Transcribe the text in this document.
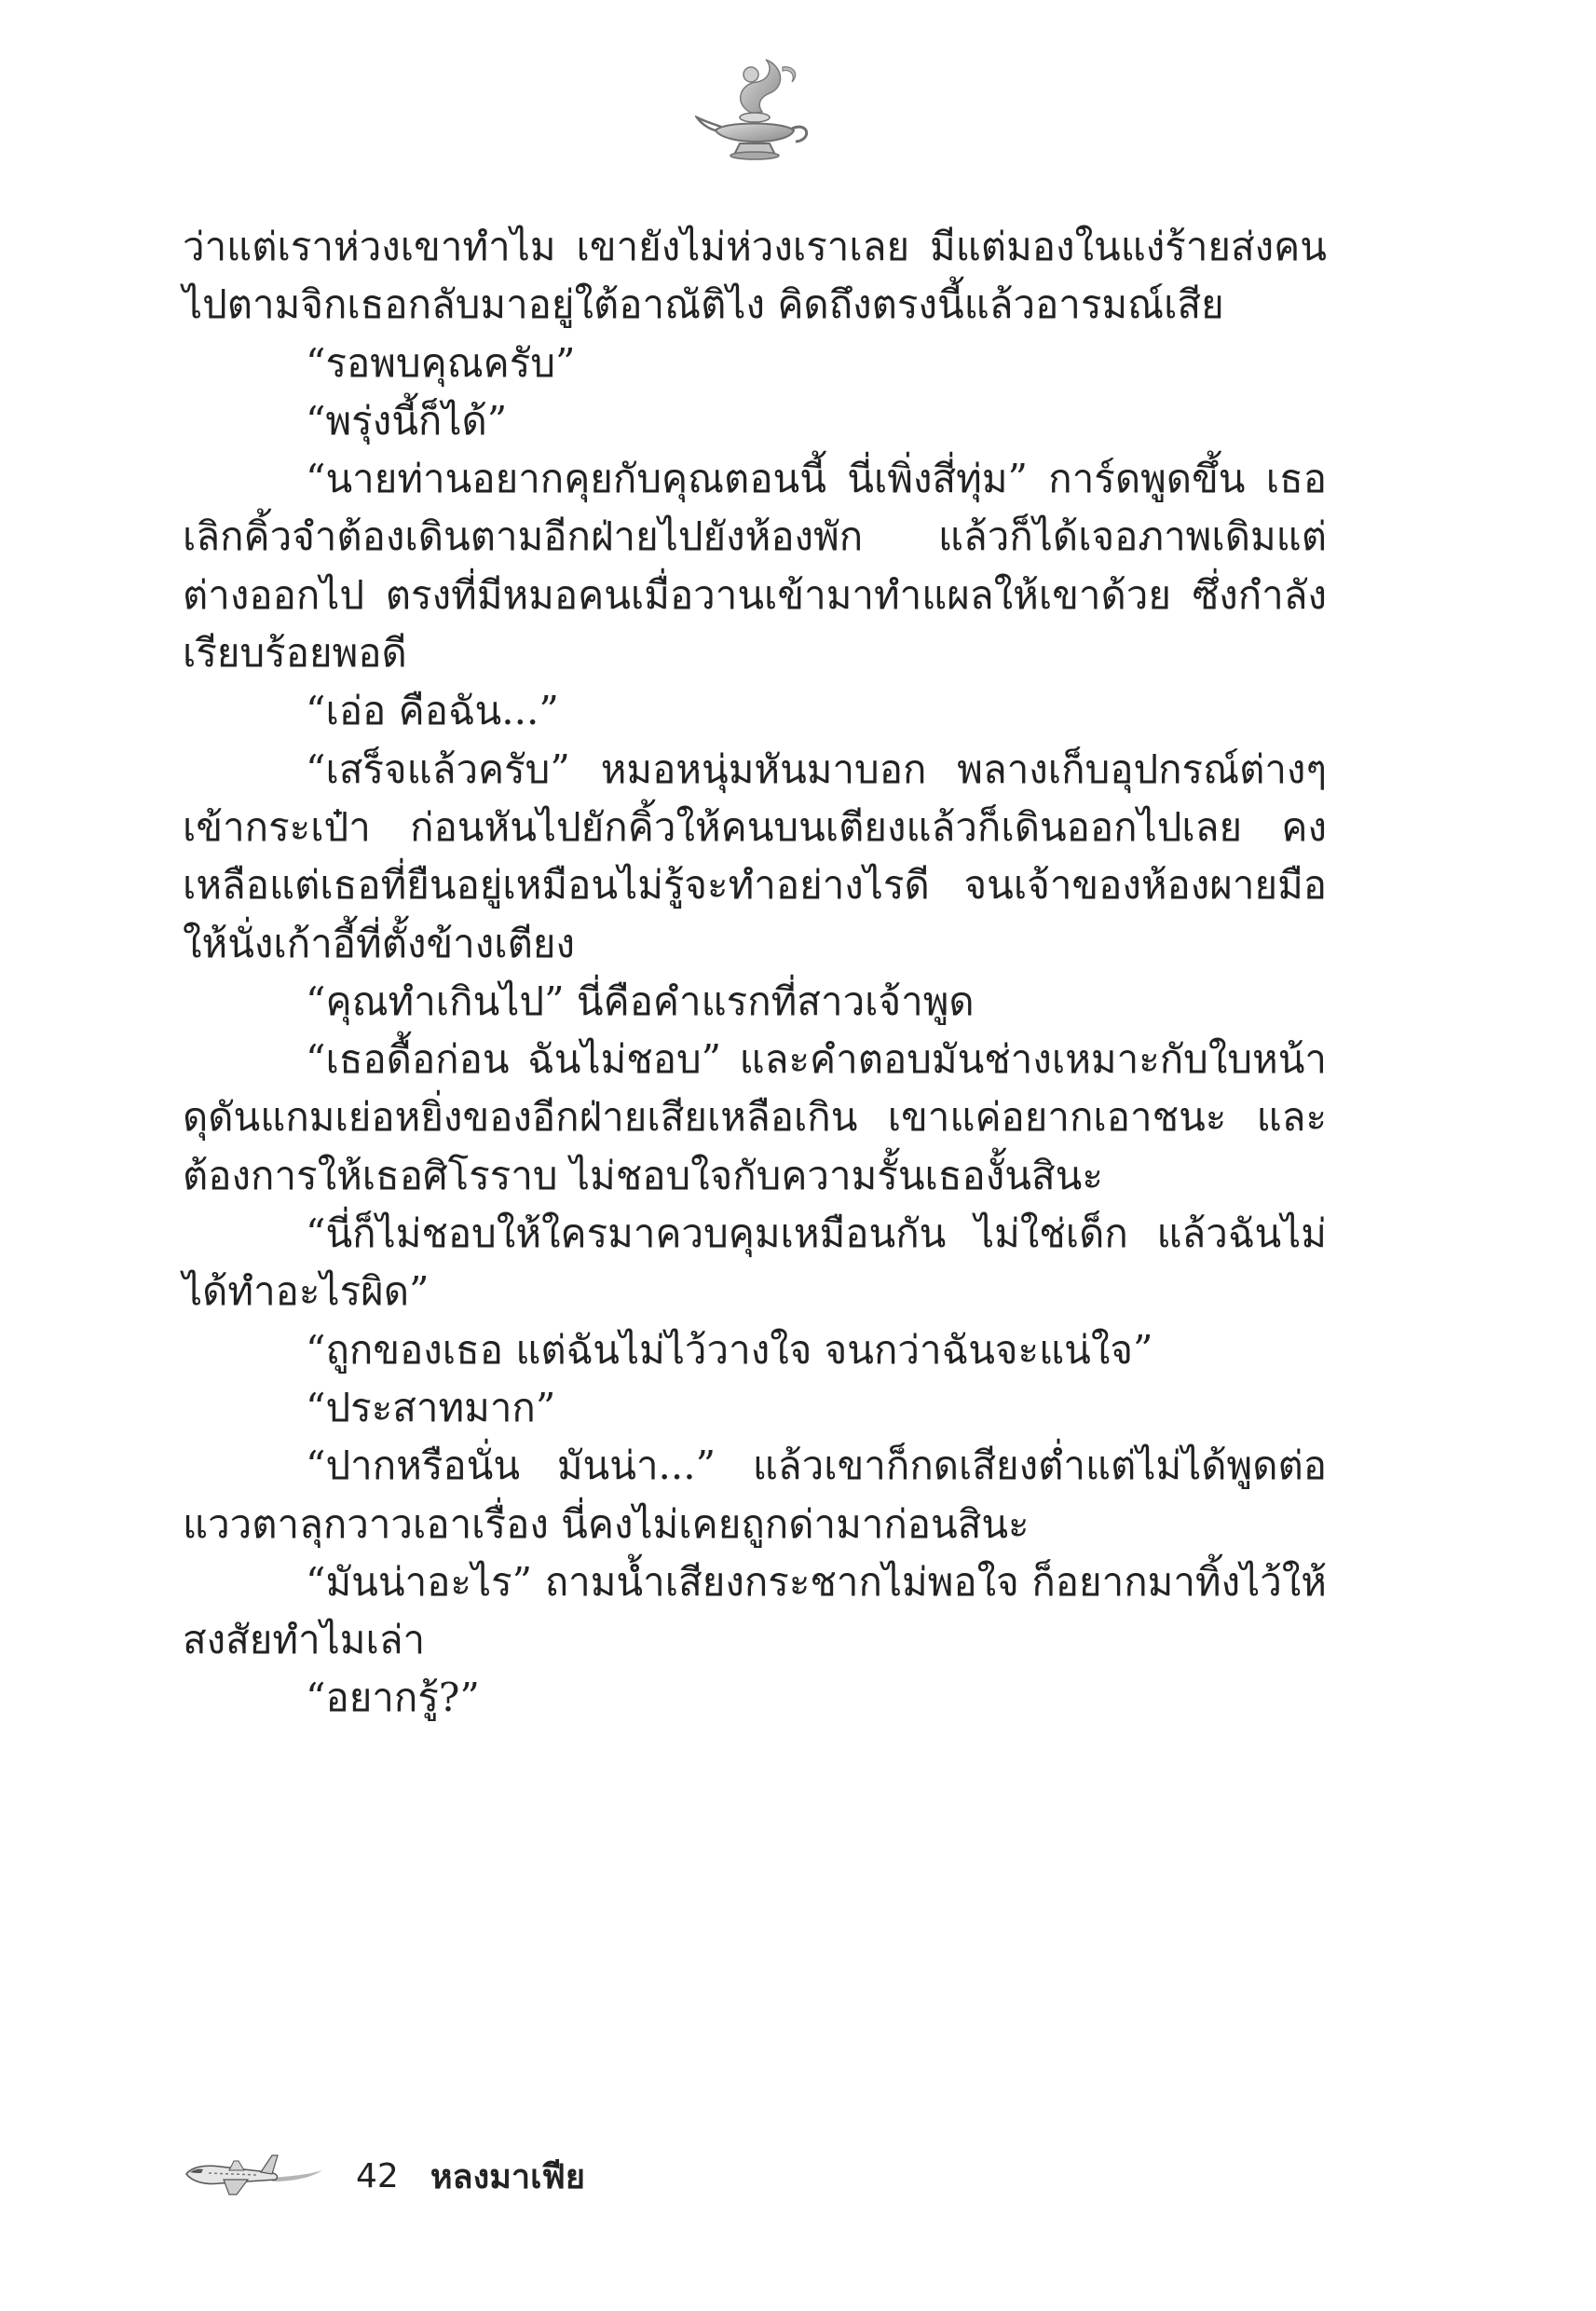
ว่าแต่เราห่วงเขาทำไม เขายังไม่ห่วงเราเลย มีแต่มองในแง่ร้ายส่งคนไปตามจิกเธอกลับมาอยู่ใต้อาณัติไง คิดถึงตรงนี้แล้วอารมณ์เสีย

“รอพบคุณครับ”

“พรุ่งนี้ก็ได้”

“นายท่านอยากคุยกับคุณตอนนี้ นี่เพิ่งสี่ทุ่ม” การ์ดพูดขึ้น เธอเลิกคิ้วจำต้องเดินตามอีกฝ่ายไปยังห้องพัก แล้วก็ได้เจอภาพเดิมแต่ต่างออกไป ตรงที่มีหมอคนเมื่อวานเข้ามาทำแผลให้เขาด้วย ซึ่งกำลังเรียบร้อยพอดี

“เอ่อ คือฉัน...”

“เสร็จแล้วครับ” หมอหนุ่มหันมาบอก พลางเก็บอุปกรณ์ต่างๆ เข้ากระเป๋า ก่อนหันไปยักคิ้วให้คนบนเตียงแล้วก็เดินออกไปเลย คงเหลือแต่เธอที่ยืนอยู่เหมือนไม่รู้จะทำอย่างไรดี จนเจ้าของห้องผายมือให้นั่งเก้าอี้ที่ตั้งข้างเตียง

“คุณทำเกินไป” นี่คือคำแรกที่สาวเจ้าพูด

“เธอดื้อก่อน ฉันไม่ชอบ” และคำตอบมันช่างเหมาะกับใบหน้าดุดันแกมเย่อหยิ่งของอีกฝ่ายเสียเหลือเกิน เขาแค่อยากเอาชนะ และต้องการให้เธอศิโรราบ ไม่ชอบใจกับความรั้นเธองั้นสินะ

“นี่ก็ไม่ชอบให้ใครมาควบคุมเหมือนกัน ไม่ใช่เด็ก แล้วฉันไม่ได้ทำอะไรผิด”

“ถูกของเธอ แต่ฉันไม่ไว้วางใจ จนกว่าฉันจะแน่ใจ”

“ประสาทมาก”

“ปากหรือนั่น มันน่า...” แล้วเขาก็กดเสียงต่ำแต่ไม่ได้พูดต่อแววตาลุกวาวเอาเรื่อง นี่คงไม่เคยถูกด่ามาก่อนสินะ

“มันน่าอะไร” ถามน้ำเสียงกระชากไม่พอใจ ก็อยากมาทิ้งไว้ให้สงสัยทำไมเล่า

“อยากรู้?”

42 หลงมาเฟีย
